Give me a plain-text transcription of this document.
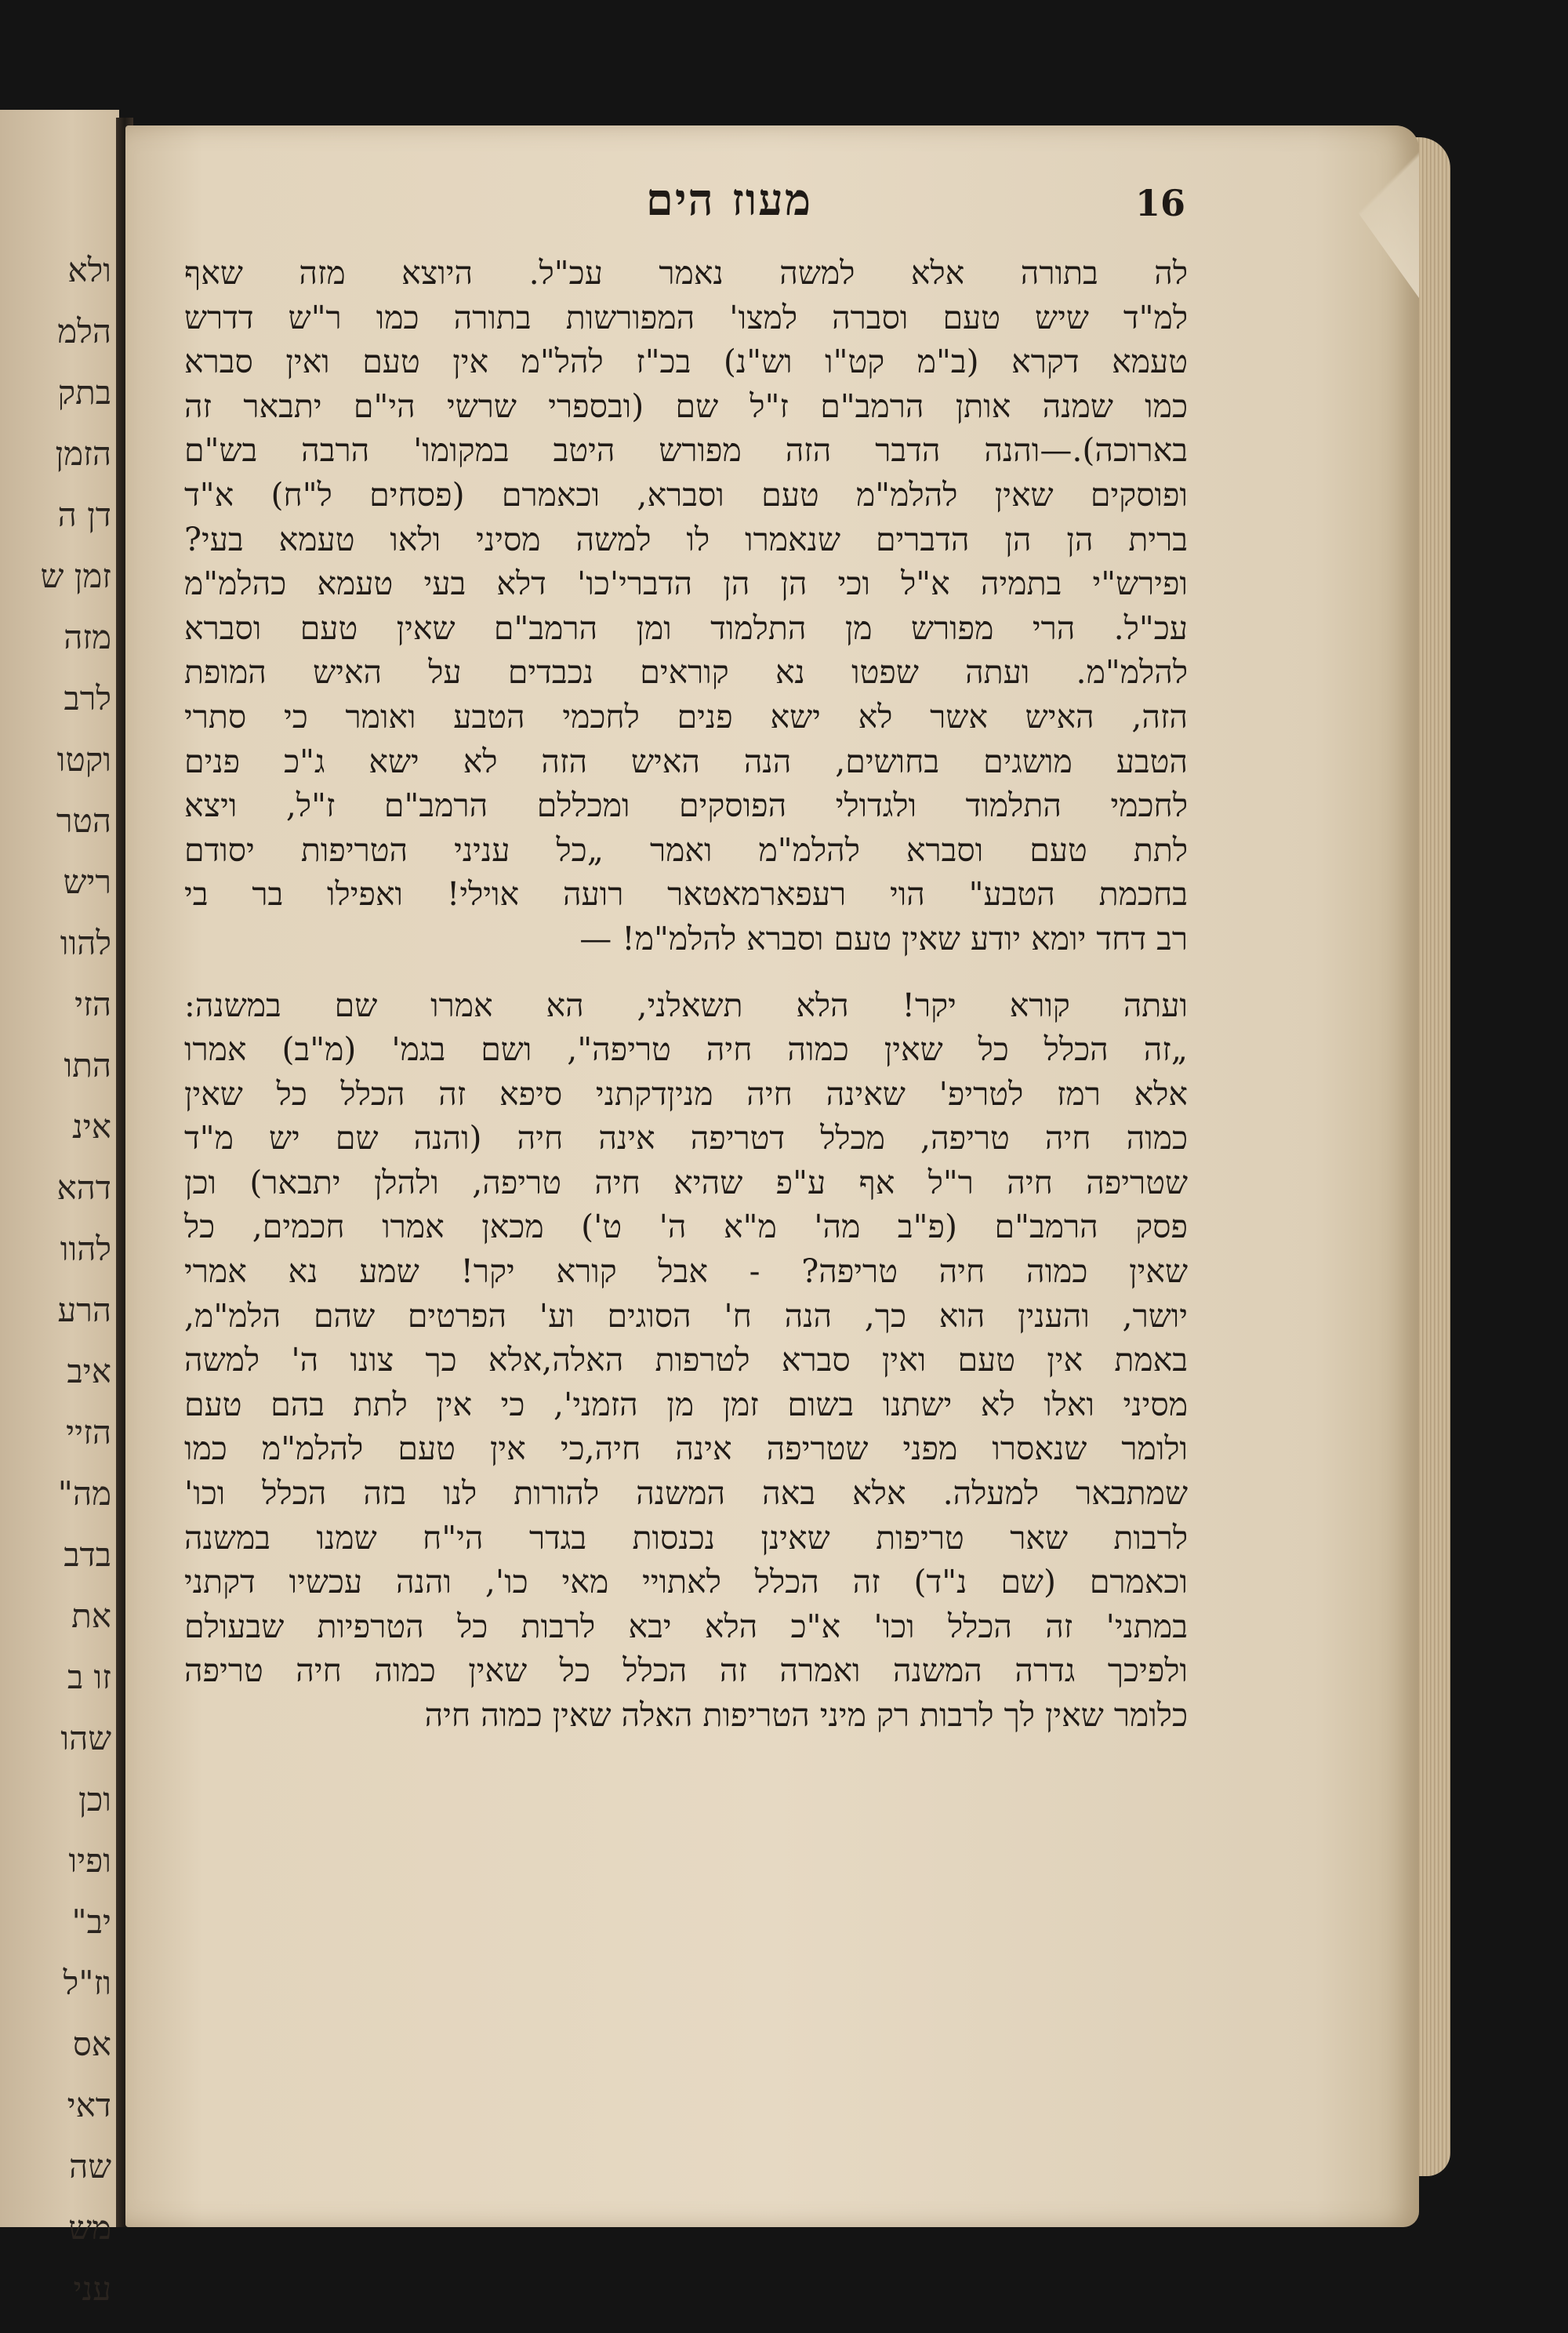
ולא
הלמ
בתק
הזמן
דן ה
זמן ש
מזה
לרב
וקטו
הטר
ריש
להוו
הזי
התו
אינ
דהא
להוו
הרע
איב
הזיי
מה"
בדב
את
זו ב
שהו
וכן
ופיו
יב"
וז"ל
אס
דאי
שה
מש
עני
מעוז הים	16
לה בתורה אלא למשה נאמר עכ"ל. היוצא מזה שאף
למ"ד שיש טעם וסברה למצו' המפורשות בתורה כמו ר"ש דדרש
טעמא דקרא (ב"מ קט"ו וש"נ) בכ"ז להל"מ אין טעם ואין סברא
כמו שמנה אותן הרמב"ם ז"ל שם (ובספרי שרשי הי"ם יתבאר זה
בארוכה).—והנה הדבר הזה מפורש היטב במקומו' הרבה בש"ם
ופוסקים שאין להלמ"מ טעם וסברא, וכאמרם (פסחים ל"ח) א"ד
ברית הן הן הדברים שנאמרו לו למשה מסיני ולאו טעמא בעי?
ופירש"י בתמיה א"ל וכי הן הן הדברי'כו' דלא בעי טעמא כהלמ"מ
עכ"ל. הרי מפורש מן התלמוד ומן הרמב"ם שאין טעם וסברא
להלמ"מ. ועתה שפטו נא קוראים נכבדים על האיש המופת
הזה, האיש אשר לא ישא פנים לחכמי הטבע ואומר כי סתרי
הטבע מושגים בחושים, הנה האיש הזה לא ישא ג"כ פנים
לחכמי התלמוד ולגדולי הפוסקים ומכללם הרמב"ם ז"ל, ויצא
לתת טעם וסברא להלמ"מ ואמר „כל עניני הטריפות יסודם
בחכמת הטבע" הוי רעפארמאטאר רועה אוילי! ואפילו בר בי
רב דחד יומא יודע שאין טעם וסברא להלמ"מ! —
ועתה קורא יקר! הלא תשאלני, הא אמרו שם במשנה:
„זה הכלל כל שאין כמוה חיה טריפה", ושם בגמ' (מ"ב) אמרו
אלא רמז לטריפ' שאינה חיה מניןדקתני סיפא זה הכלל כל שאין
כמוה חיה טריפה, מכלל דטריפה אינה חיה (והנה שם יש מ"ד
שטריפה חיה ר"ל אף ע"פ שהיא חיה טריפה, ולהלן יתבאר) וכן
פסק הרמב"ם (פ"ב מה' מ"א ה' ט') מכאן אמרו חכמים, כל
שאין כמוה חיה טריפה? - אבל קורא יקר! שמע נא אמרי
יושר, והענין הוא כך, הנה ח' הסוגים וע' הפרטים שהם הלמ"מ,
באמת אין טעם ואין סברא לטרפות האלה,אלא כך צונו ה' למשה
מסיני ואלו לא ישתנו בשום זמן מן הזמני', כי אין לתת בהם טעם
ולומר שנאסרו מפני שטריפה אינה חיה,כי אין טעם להלמ"מ כמו
שמתבאר למעלה. אלא באה המשנה להורות לנו בזה הכלל וכו'
לרבות שאר טריפות שאינן נכנסות בגדר הי"ח שמנו במשנה
וכאמרם (שם נ"ד) זה הכלל לאתויי מאי כו', והנה עכשיו דקתני
במתני' זה הכלל וכו' א"כ הלא יבא לרבות כל הטרפיות שבעולם
ולפיכך גדרה המשנה ואמרה זה הכלל כל שאין כמוה חיה טריפה
כלומר שאין לך לרבות רק מיני הטריפות האלה שאין כמוה חיה
